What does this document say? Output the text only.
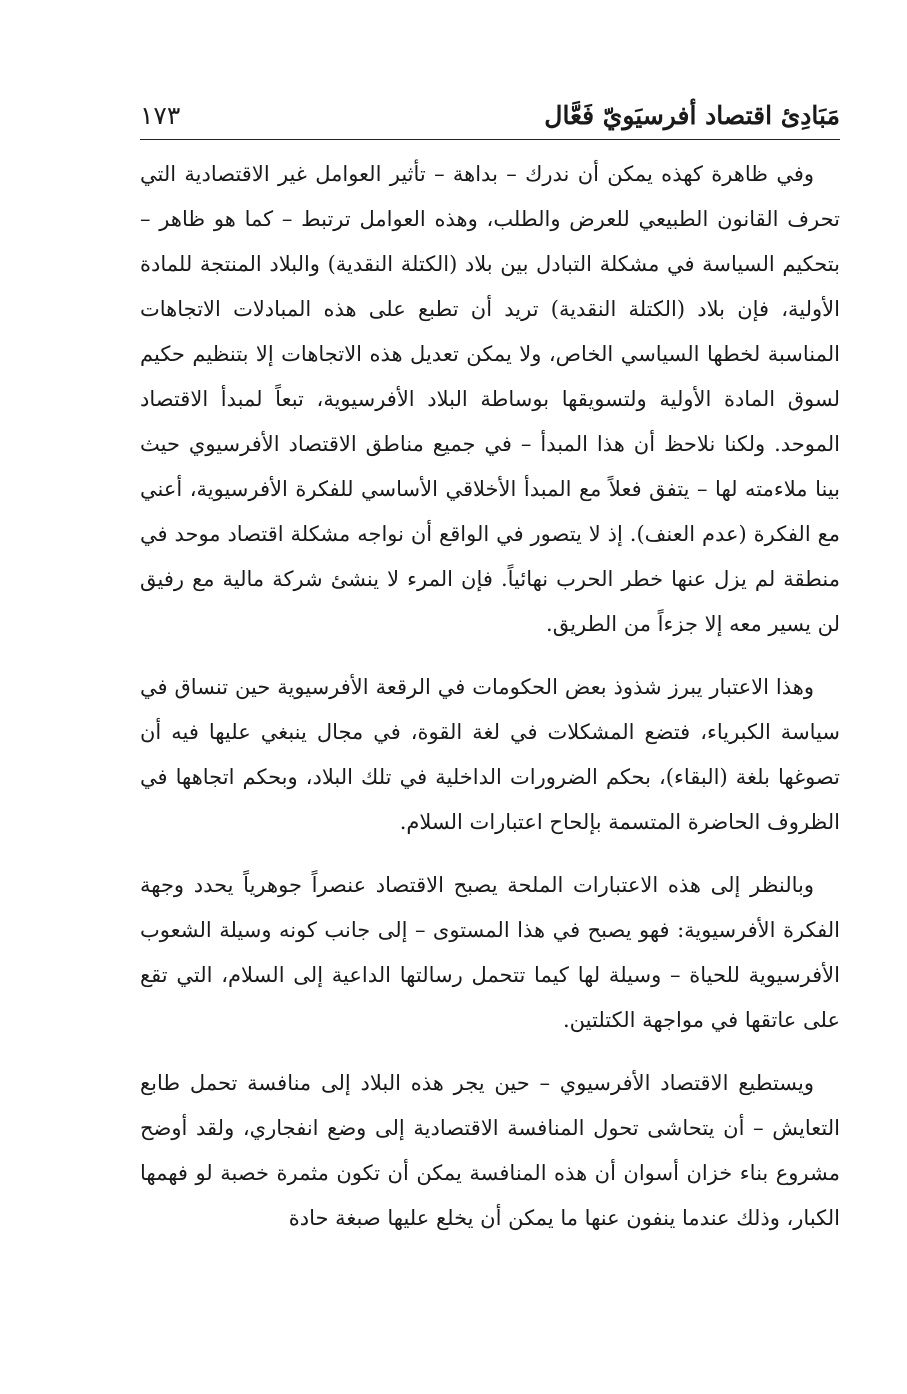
مَبَادِئ اقتصاد أفرسيَويّ فَعَّال
١٧٣

وفي ظاهرة كهذه يمكن أن ندرك – بداهة – تأثير العوامل غير الاقتصادية التي تحرف القانون الطبيعي للعرض والطلب، وهذه العوامل ترتبط – كما هو ظاهر – بتحكيم السياسة في مشكلة التبادل بين بلاد (الكتلة النقدية) والبلاد المنتجة للمادة الأولية، فإن بلاد (الكتلة النقدية) تريد أن تطبع على هذه المبادلات الاتجاهات المناسبة لخطها السياسي الخاص، ولا يمكن تعديل هذه الاتجاهات إلا بتنظيم حكيم لسوق المادة الأولية ولتسويقها بوساطة البلاد الأفرسيوية، تبعاً لمبدأ الاقتصاد الموحد. ولكنا نلاحظ أن هذا المبدأ – في جميع مناطق الاقتصاد الأفرسيوي حيث بينا ملاءمته لها – يتفق فعلاً مع المبدأ الأخلاقي الأساسي للفكرة الأفرسيوية، أعني مع الفكرة (عدم العنف). إذ لا يتصور في الواقع أن نواجه مشكلة اقتصاد موحد في منطقة لم يزل عنها خطر الحرب نهائياً. فإن المرء لا ينشئ شركة مالية مع رفيق لن يسير معه إلا جزءاً من الطريق.

وهذا الاعتبار يبرز شذوذ بعض الحكومات في الرقعة الأفرسيوية حين تنساق في سياسة الكبرياء، فتضع المشكلات في لغة القوة، في مجال ينبغي عليها فيه أن تصوغها بلغة (البقاء)، بحكم الضرورات الداخلية في تلك البلاد، وبحكم اتجاهها في الظروف الحاضرة المتسمة بإلحاح اعتبارات السلام.

وبالنظر إلى هذه الاعتبارات الملحة يصبح الاقتصاد عنصراً جوهرياً يحدد وجهة الفكرة الأفرسيوية: فهو يصبح في هذا المستوى – إلى جانب كونه وسيلة الشعوب الأفرسيوية للحياة – وسيلة لها كيما تتحمل رسالتها الداعية إلى السلام، التي تقع على عاتقها في مواجهة الكتلتين.

ويستطيع الاقتصاد الأفرسيوي – حين يجر هذه البلاد إلى منافسة تحمل طابع التعايش – أن يتحاشى تحول المنافسة الاقتصادية إلى وضع انفجاري، ولقد أوضح مشروع بناء خزان أسوان أن هذه المنافسة يمكن أن تكون مثمرة خصبة لو فهمها الكبار، وذلك عندما ينفون عنها ما يمكن أن يخلع عليها صبغة حادة
